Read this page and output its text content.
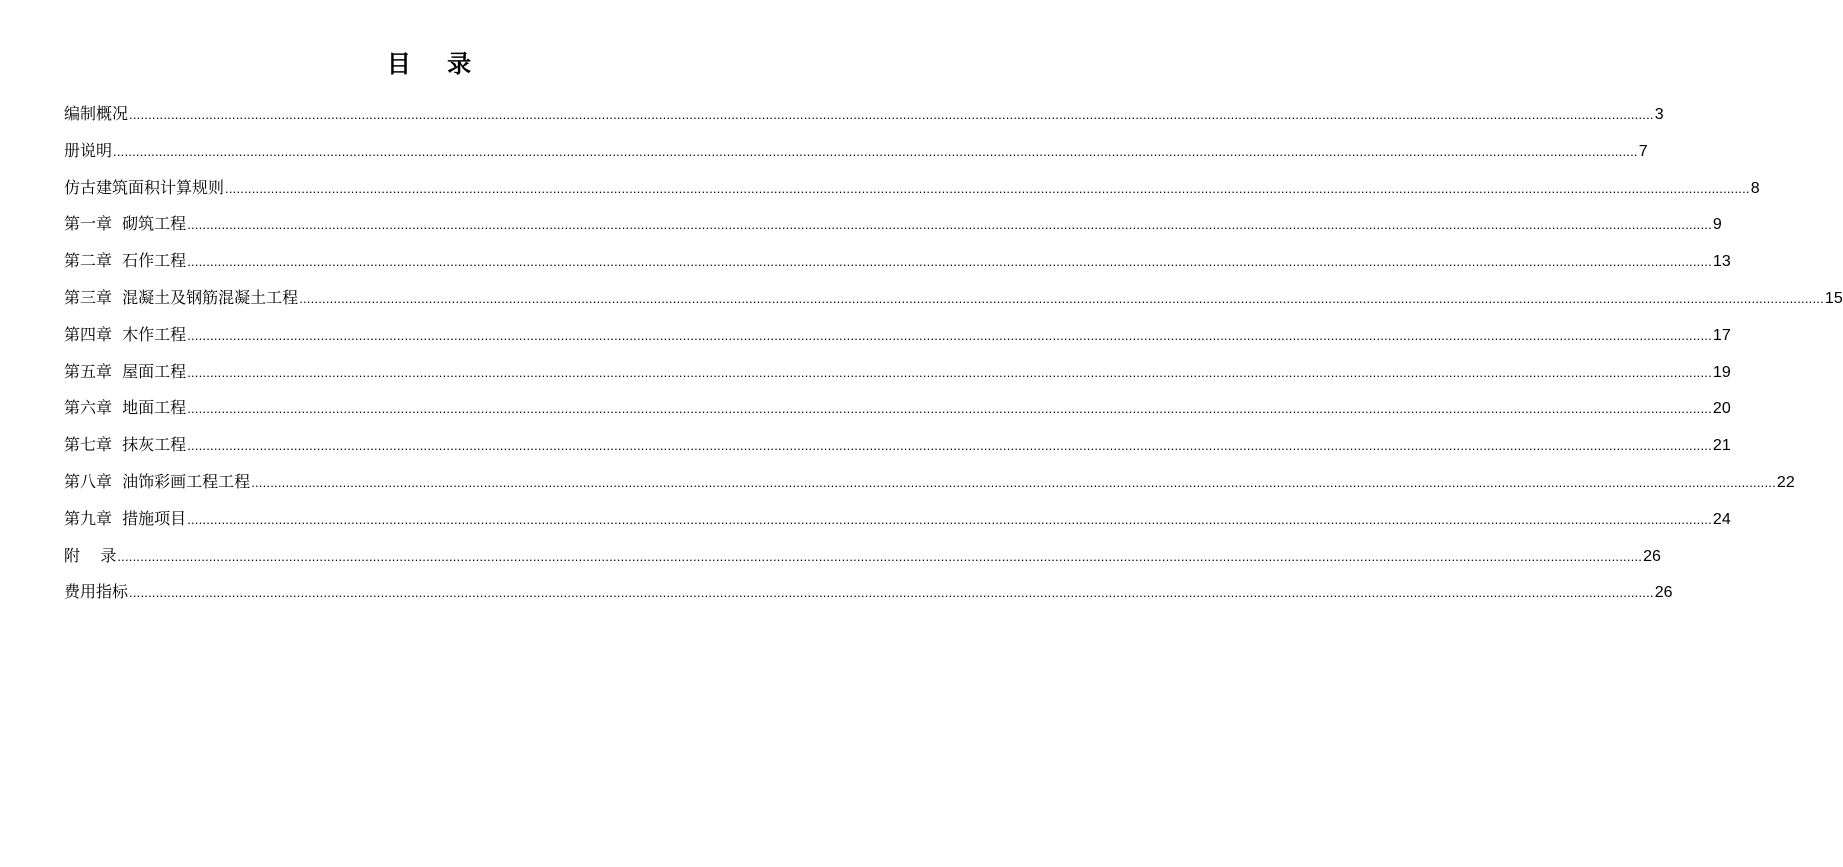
目 录
编制概况 ................................................................................................................................................................................................................................................................................................................................................................................................................ 3
册说明 ................................................................................................................................................................................................................................................................................................................................................................................................................ 7
仿古建筑面积计算规则 ................................................................................................................................................................................................................................................................................................................................................................................................................ 8
第一章  砌筑工程 ................................................................................................................................................................................................................................................................................................................................................................................................................ 9
第二章  石作工程 ................................................................................................................................................................................................................................................................................................................................................................................................................ 13
第三章  混凝土及钢筋混凝土工程 ................................................................................................................................................................................................................................................................................................................................................................................................................ 15
第四章  木作工程 ................................................................................................................................................................................................................................................................................................................................................................................................................ 17
第五章  屋面工程 ................................................................................................................................................................................................................................................................................................................................................................................................................ 19
第六章  地面工程 ................................................................................................................................................................................................................................................................................................................................................................................................................ 20
第七章  抹灰工程 ................................................................................................................................................................................................................................................................................................................................................................................................................ 21
第八章  油饰彩画工程工程 ................................................................................................................................................................................................................................................................................................................................................................................................................ 22
第九章  措施项目 ................................................................................................................................................................................................................................................................................................................................................................................................................ 24
附    录 ................................................................................................................................................................................................................................................................................................................................................................................................................ 26
费用指标 ................................................................................................................................................................................................................................................................................................................................................................................................................ 26
